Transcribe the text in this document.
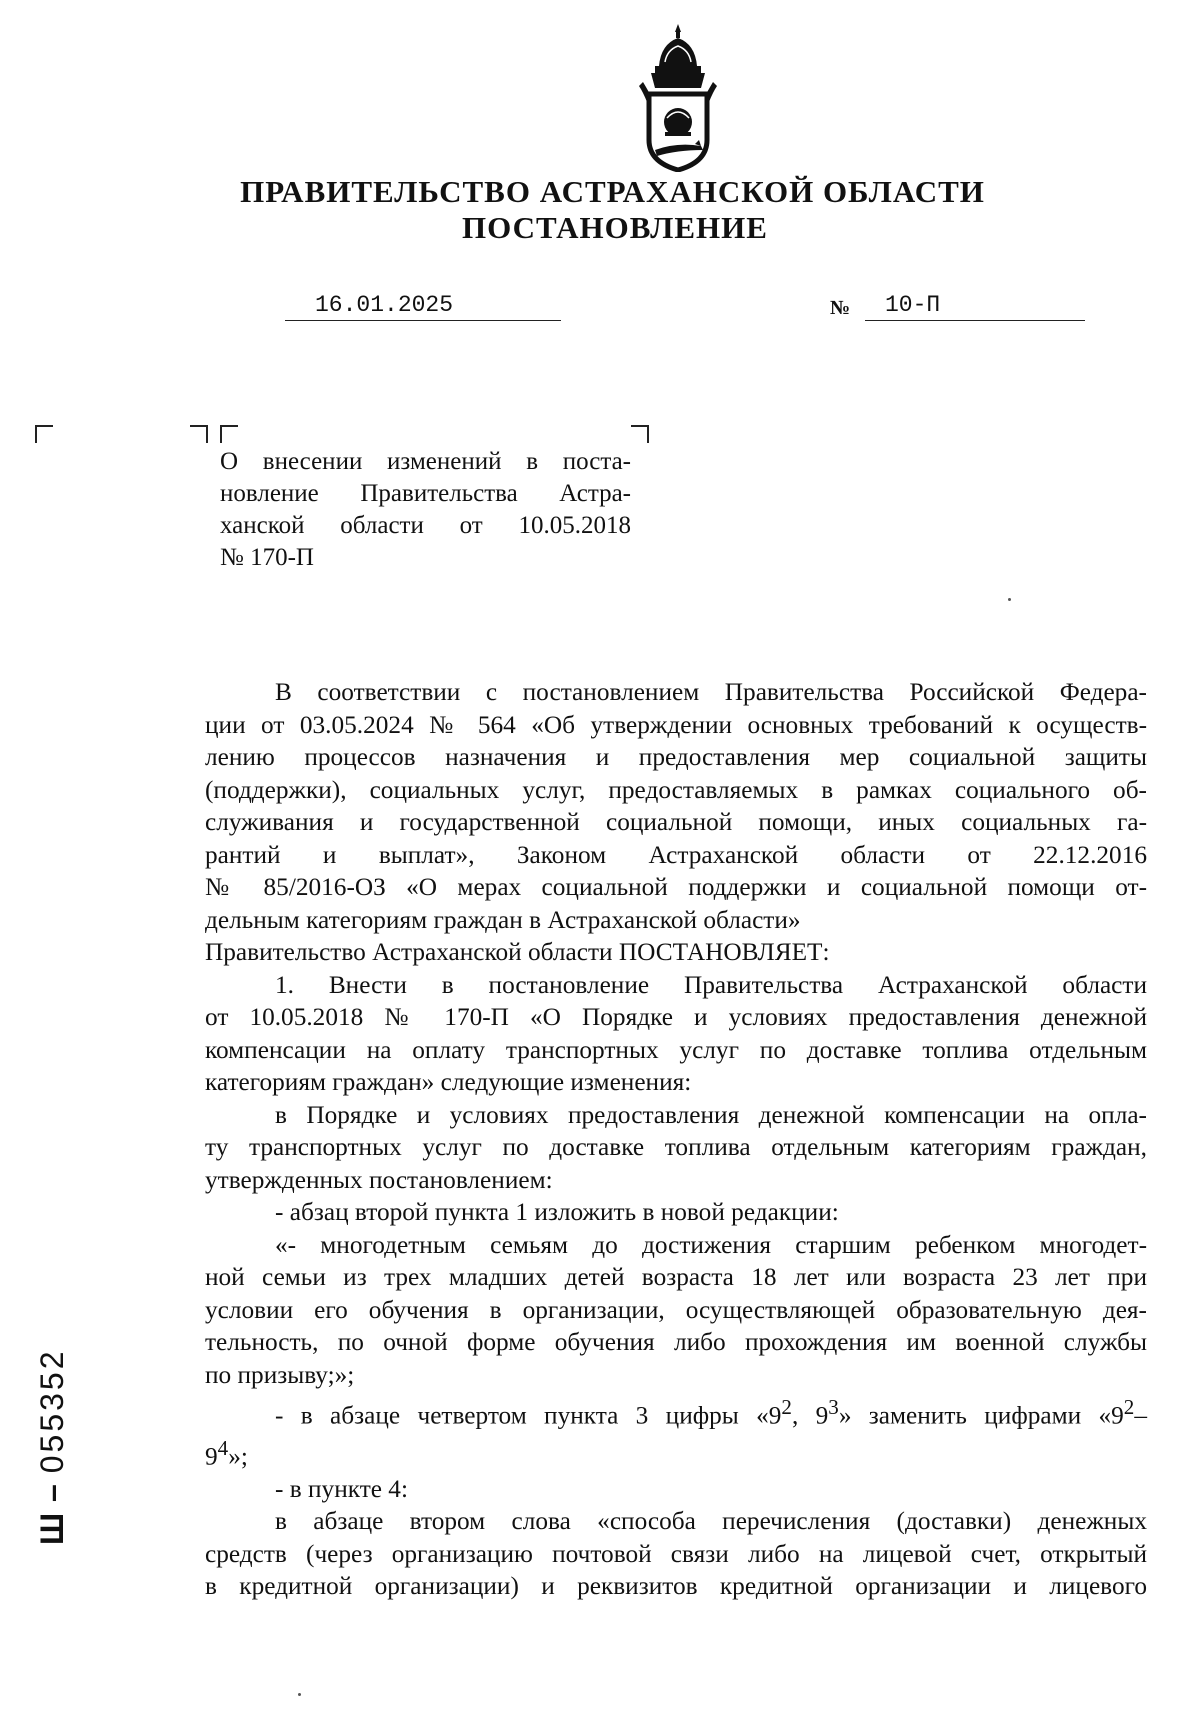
ПРАВИТЕЛЬСТВО АСТРАХАНСКОЙ ОБЛАСТИ
ПОСТАНОВЛЕНИЕ
16.01.2025	№ 10-П
О внесении изменений в поста-
новление Правительства Астра-
ханской области от 10.05.2018
№ 170-П
В соответствии с постановлением Правительства Российской Федера-
ции от 03.05.2024 № 564 «Об утверждении основных требований к осуществ-
лению процессов назначения и предоставления мер социальной защиты
(поддержки), социальных услуг, предоставляемых в рамках социального об-
служивания и государственной социальной помощи, иных социальных га-
рантий и выплат», Законом Астраханской области от 22.12.2016
№ 85/2016-ОЗ «О мерах социальной поддержки и социальной помощи от-
дельным категориям граждан в Астраханской области»
Правительство Астраханской области ПОСТАНОВЛЯЕТ:
1. Внести в постановление Правительства Астраханской области
от 10.05.2018 № 170-П «О Порядке и условиях предоставления денежной
компенсации на оплату транспортных услуг по доставке топлива отдельным
категориям граждан» следующие изменения:
в Порядке и условиях предоставления денежной компенсации на опла-
ту транспортных услуг по доставке топлива отдельным категориям граждан,
утвержденных постановлением:
- абзац второй пункта 1 изложить в новой редакции:
«- многодетным семьям до достижения старшим ребенком многодет-
ной семьи из трех младших детей возраста 18 лет или возраста 23 лет при
условии его обучения в организации, осуществляющей образовательную дея-
тельность, по очной форме обучения либо прохождения им военной службы
по призыву;»;
- в абзаце четвертом пункта 3 цифры «$9^2$, $9^3$» заменить цифрами «$9^2-$
$9^4$»;
- в пункте 4:
в абзаце втором слова «способа перечисления (доставки) денежных
средств (через организацию почтовой связи либо на лицевой счет, открытый
в кредитной организации) и реквизитов кредитной организации и лицевого
Ш – 055352
